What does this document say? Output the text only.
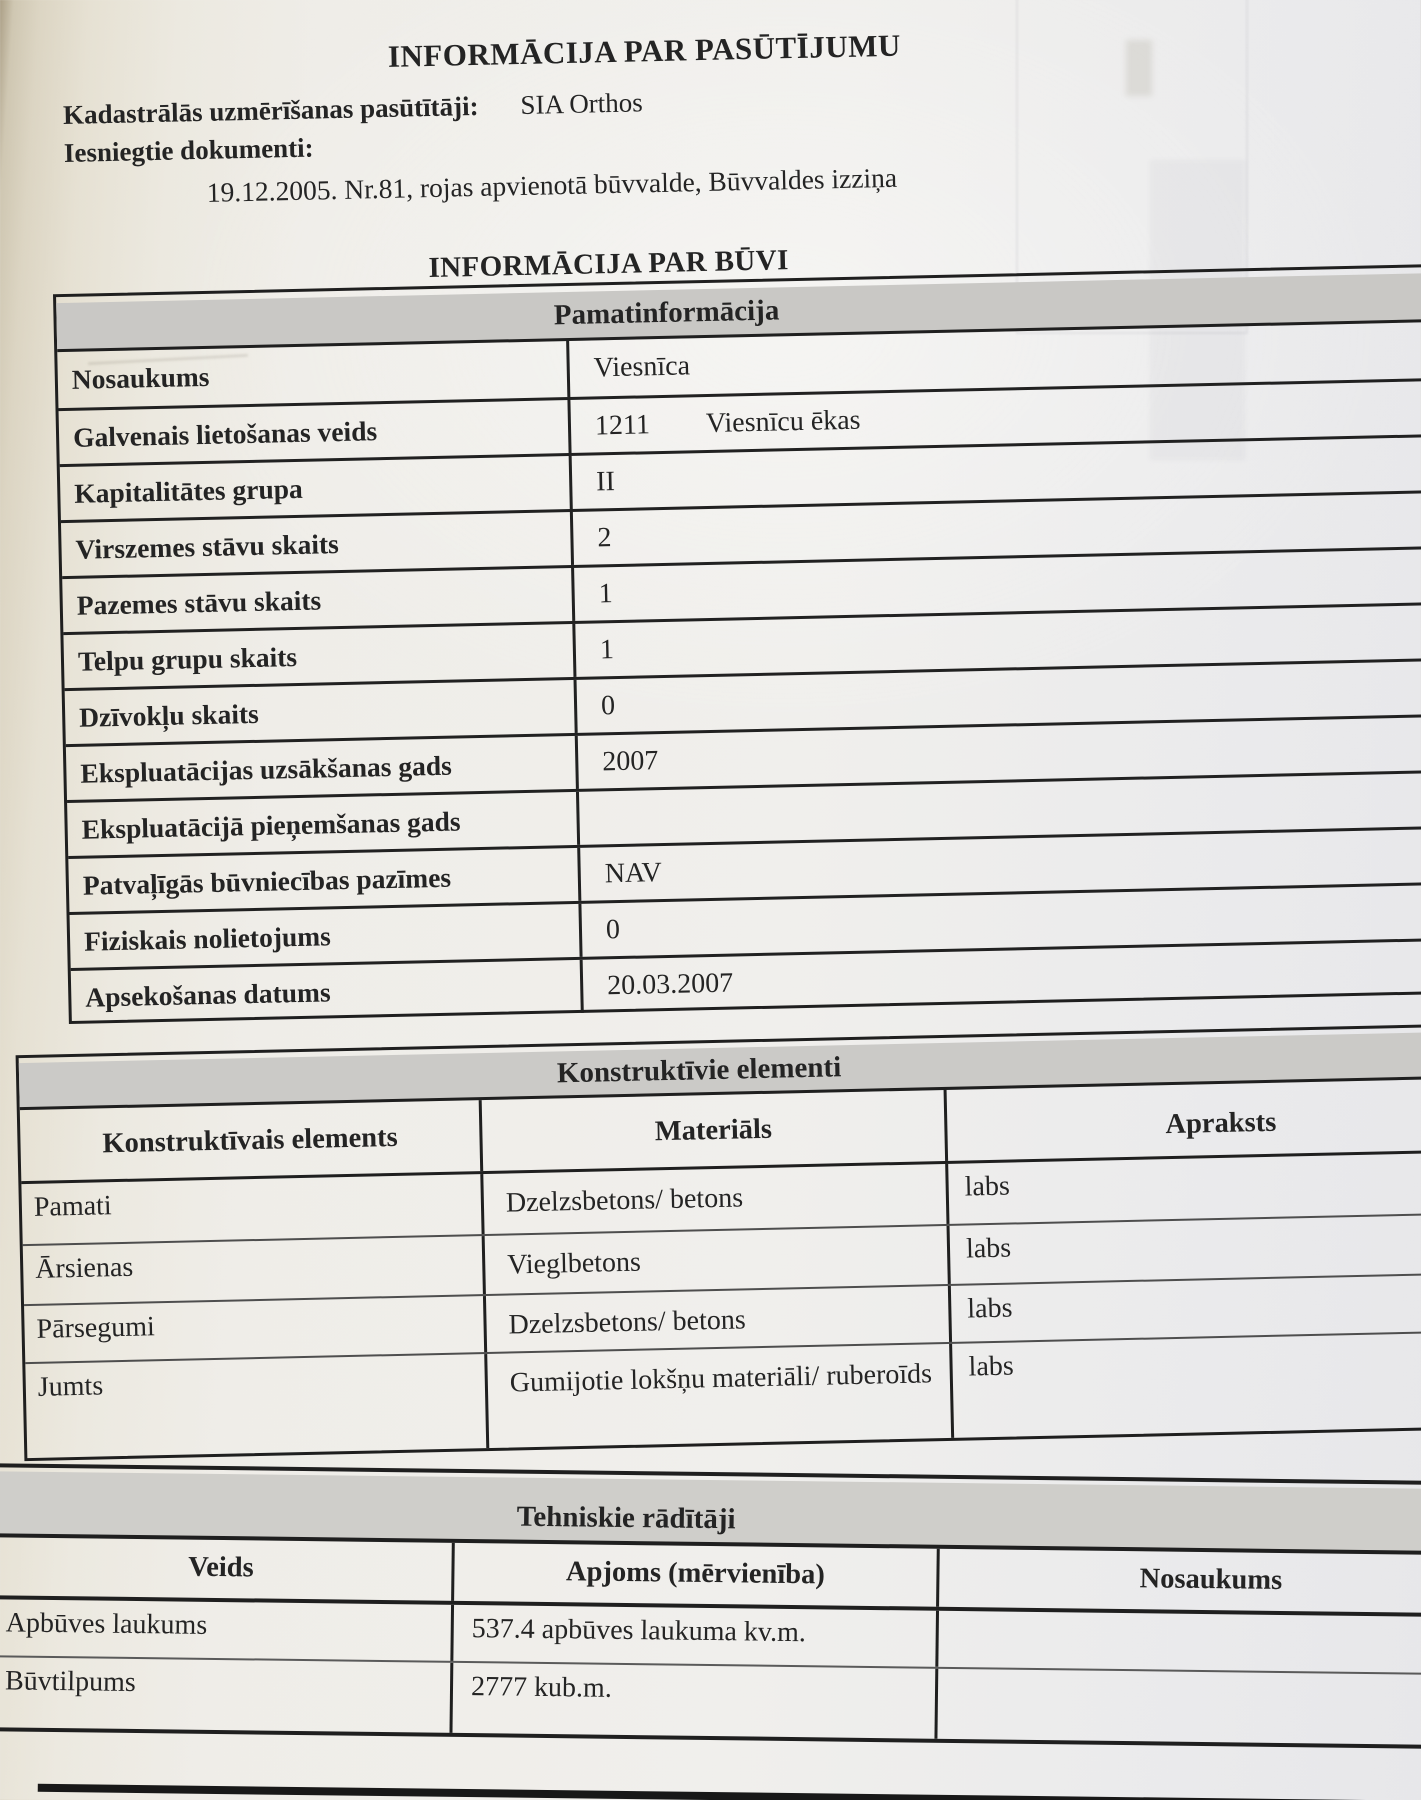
INFORMĀCIJA PAR PASŪTĪJUMU
Kadastrālās uzmērīšanas pasūtītāji: SIA Orthos
Iesniegtie dokumenti:
19.12.2005. Nr.81, rojas apvienotā būvvalde, Būvvaldes izziņa
INFORMĀCIJA PAR BŪVI
Pamatinformācija
Nosaukums	Viesnīca
Galvenais lietošanas veids	1211 Viesnīcu ēkas
Kapitalitātes grupa	II
Virszemes stāvu skaits	2
Pazemes stāvu skaits	1
Telpu grupu skaits	1
Dzīvokļu skaits	0
Ekspluatācijas uzsākšanas gads	2007
Ekspluatācijā pieņemšanas gads
Patvaļīgās būvniecības pazīmes	NAV
Fiziskais nolietojums	0
Apsekošanas datums	20.03.2007
Konstruktīvie elementi
Konstruktīvais elements	Materiāls	Apraksts
Pamati	Dzelzsbetons/ betons	labs
Ārsienas	Vieglbetons	labs
Pārsegumi	Dzelzsbetons/ betons	labs
Jumts	Gumijotie lokšņu materiāli/ ruberoīds	labs
Tehniskie rādītāji
Veids	Apjoms (mērvienība)	Nosaukums
Apbūves laukums	537.4 apbūves laukuma kv.m.
Būvtilpums	2777 kub.m.
